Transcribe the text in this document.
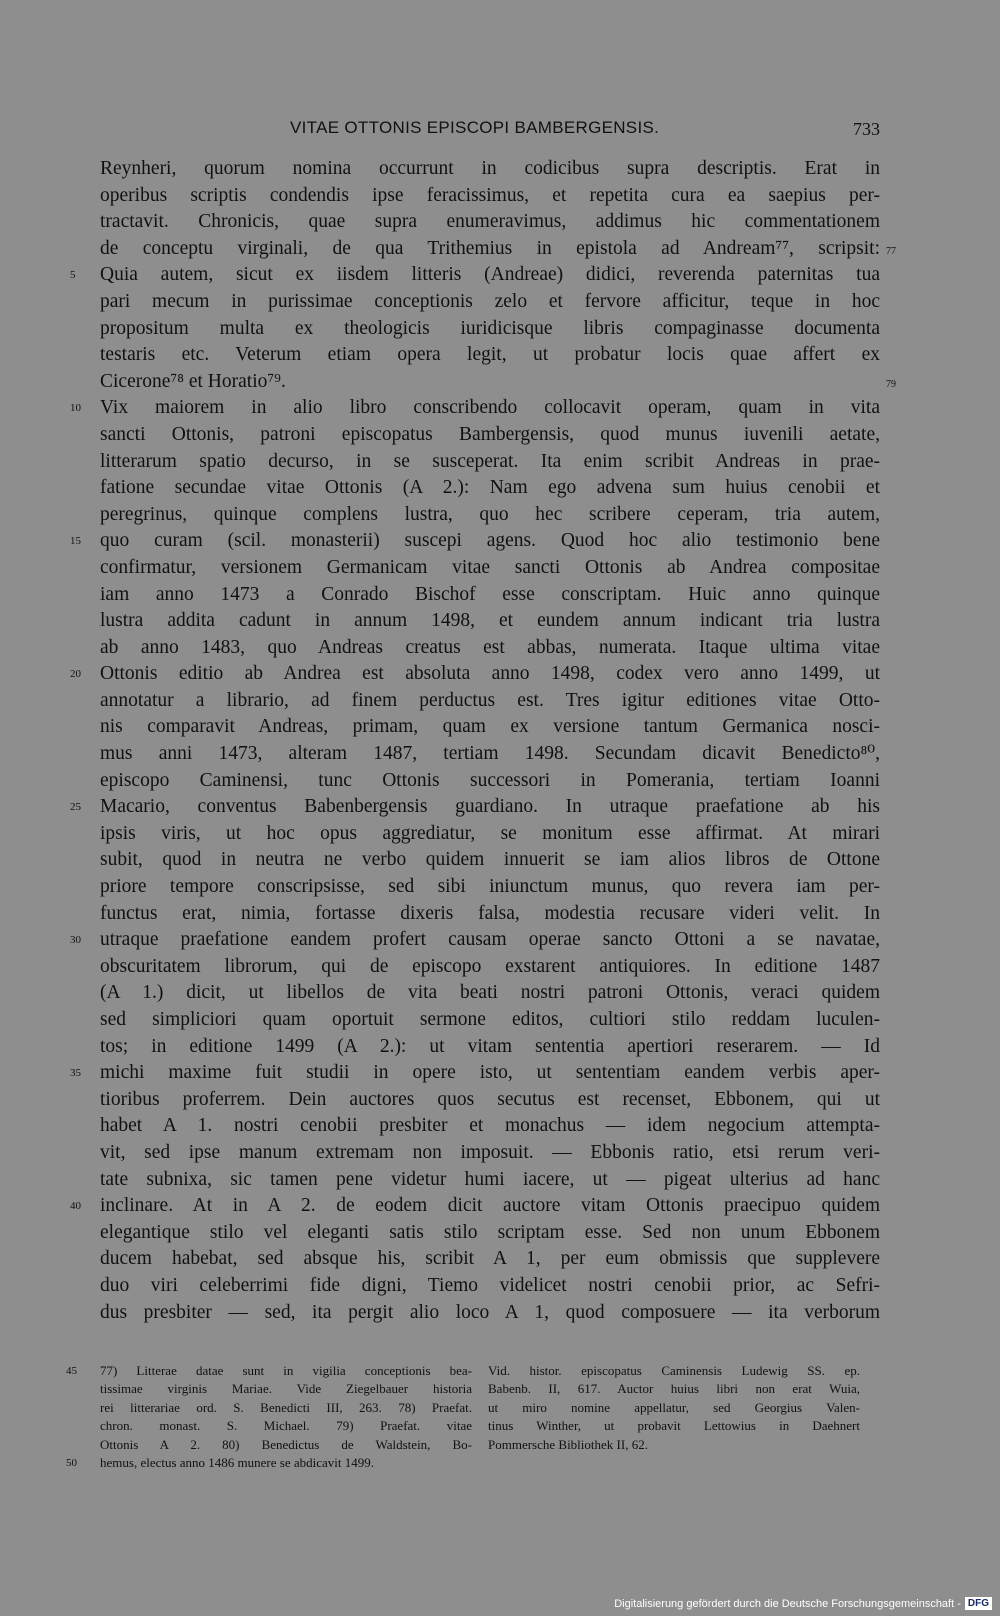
VITAE OTTONIS EPISCOPI BAMBERGENSIS.	733
Reynheri, quorum nomina occurrunt in codicibus supra descriptis. Erat in
operibus scriptis condendis ipse feracissimus, et repetita cura ea saepius per-
tractavit. Chronicis, quae supra enumeravimus, addimus hic commentationem
de conceptu virginali, de qua Trithemius in epistola ad Andream⁷⁷, scripsit: 77
5	Quia autem, sicut ex iisdem litteris (Andreae) didici, reverenda paternitas tua
pari mecum in purissimae conceptionis zelo et fervore afficitur, teque in hoc
propositum multa ex theologicis iuridicisque libris compaginasse documenta
testaris etc. Veterum etiam opera legit, ut probatur locis quae affert ex
Cicerone⁷⁸ et Horatio⁷⁹.	79
10 Vix maiorem in alio libro conscribendo collocavit operam, quam in vita
sancti Ottonis, patroni episcopatus Bambergensis, quod munus iuvenili aetate,
litterarum spatio decurso, in se susceperat. Ita enim scribit Andreas in prae-
fatione secundae vitae Ottonis (A 2.): Nam ego advena sum huius cenobii et
peregrinus, quinque complens lustra, quo hec scribere ceperam, tria autem,
15 quo curam (scil. monasterii) suscepi agens. Quod hoc alio testimonio bene
confirmatur, versionem Germanicam vitae sancti Ottonis ab Andrea compositae
iam anno 1473 a Conrado Bischof esse conscriptam. Huic anno quinque
lustra addita cadunt in annum 1498, et eundem annum indicant tria lustra
ab anno 1483, quo Andreas creatus est abbas, numerata. Itaque ultima vitae
20 Ottonis editio ab Andrea est absoluta anno 1498, codex vero anno 1499, ut
annotatur a librario, ad finem perductus est. Tres igitur editiones vitae Otto-
nis comparavit Andreas, primam, quam ex versione tantum Germanica nosci-
mus anni 1473, alteram 1487, tertiam 1498. Secundam dicavit Benedicto⁸⁰,
episcopo Caminensi, tunc Ottonis successori in Pomerania, tertiam Ioanni
25 Macario, conventus Babenbergensis guardiano. In utraque praefatione ab his
ipsis viris, ut hoc opus aggrediatur, se monitum esse affirmat. At mirari
subit, quod in neutra ne verbo quidem innuerit se iam alios libros de Ottone
priore tempore conscripsisse, sed sibi iniunctum munus, quo revera iam per-
functus erat, nimia, fortasse dixeris falsa, modestia recusare videri velit. In
30 utraque praefatione eandem profert causam operae sancto Ottoni a se navatae,
obscuritatem librorum, qui de episcopo exstarent antiquiores. In editione 1487
(A 1.) dicit, ut libellos de vita beati nostri patroni Ottonis, veraci quidem
sed simpliciori quam oportuit sermone editos, cultiori stilo reddam luculen-
tos; in editione 1499 (A 2.): ut vitam sententia apertiori reserarem. — Id
35 michi maxime fuit studii in opere isto, ut sententiam eandem verbis aper-
tioribus proferrem. Dein auctores quos secutus est recenset, Ebbonem, qui ut
habet A 1. nostri cenobii presbiter et monachus — idem negocium attempta-
vit, sed ipse manum extremam non imposuit. — Ebbonis ratio, etsi rerum veri-
tate subnixa, sic tamen pene videtur humi iacere, ut — pigeat ulterius ad hanc
40 inclinare. At in A 2. de eodem dicit auctore vitam Ottonis praecipuo quidem
elegantique stilo vel eleganti satis stilo scriptam esse. Sed non unum Ebbonem
ducem habebat, sed absque his, scribit A 1, per eum obmissis que supplevere
duo viri celeberrimi fide digni, Tiemo videlicet nostri cenobii prior, ac Sefri-
dus presbiter — sed, ita pergit alio loco A 1, quod composuere — ita verborum
45	77) Litterae datae sunt in vigilia conceptionis bea-
tissimae virginis Mariae. Vide Ziegelbauer historia
rei litterariae ord. S. Benedicti III, 263. 78) Praefat.
chron. monast. S. Michael. 79) Praefat. vitae
Ottonis A 2. 80) Benedictus de Waldstein, Bo-
50	hemus, electus anno 1486 munere se abdicavit 1499.
Vid. histor. episcopatus Caminensis Ludewig SS. ep.
Babenb. II, 617. Auctor huius libri non erat Wuia,
ut miro nomine appellatur, sed Georgius Valen-
tinus Winther, ut probavit Lettowius in Daehnert
Pommersche Bibliothek II, 62.
Digitalisierung gefördert durch die Deutsche Forschungsgemeinschaft - DFG
